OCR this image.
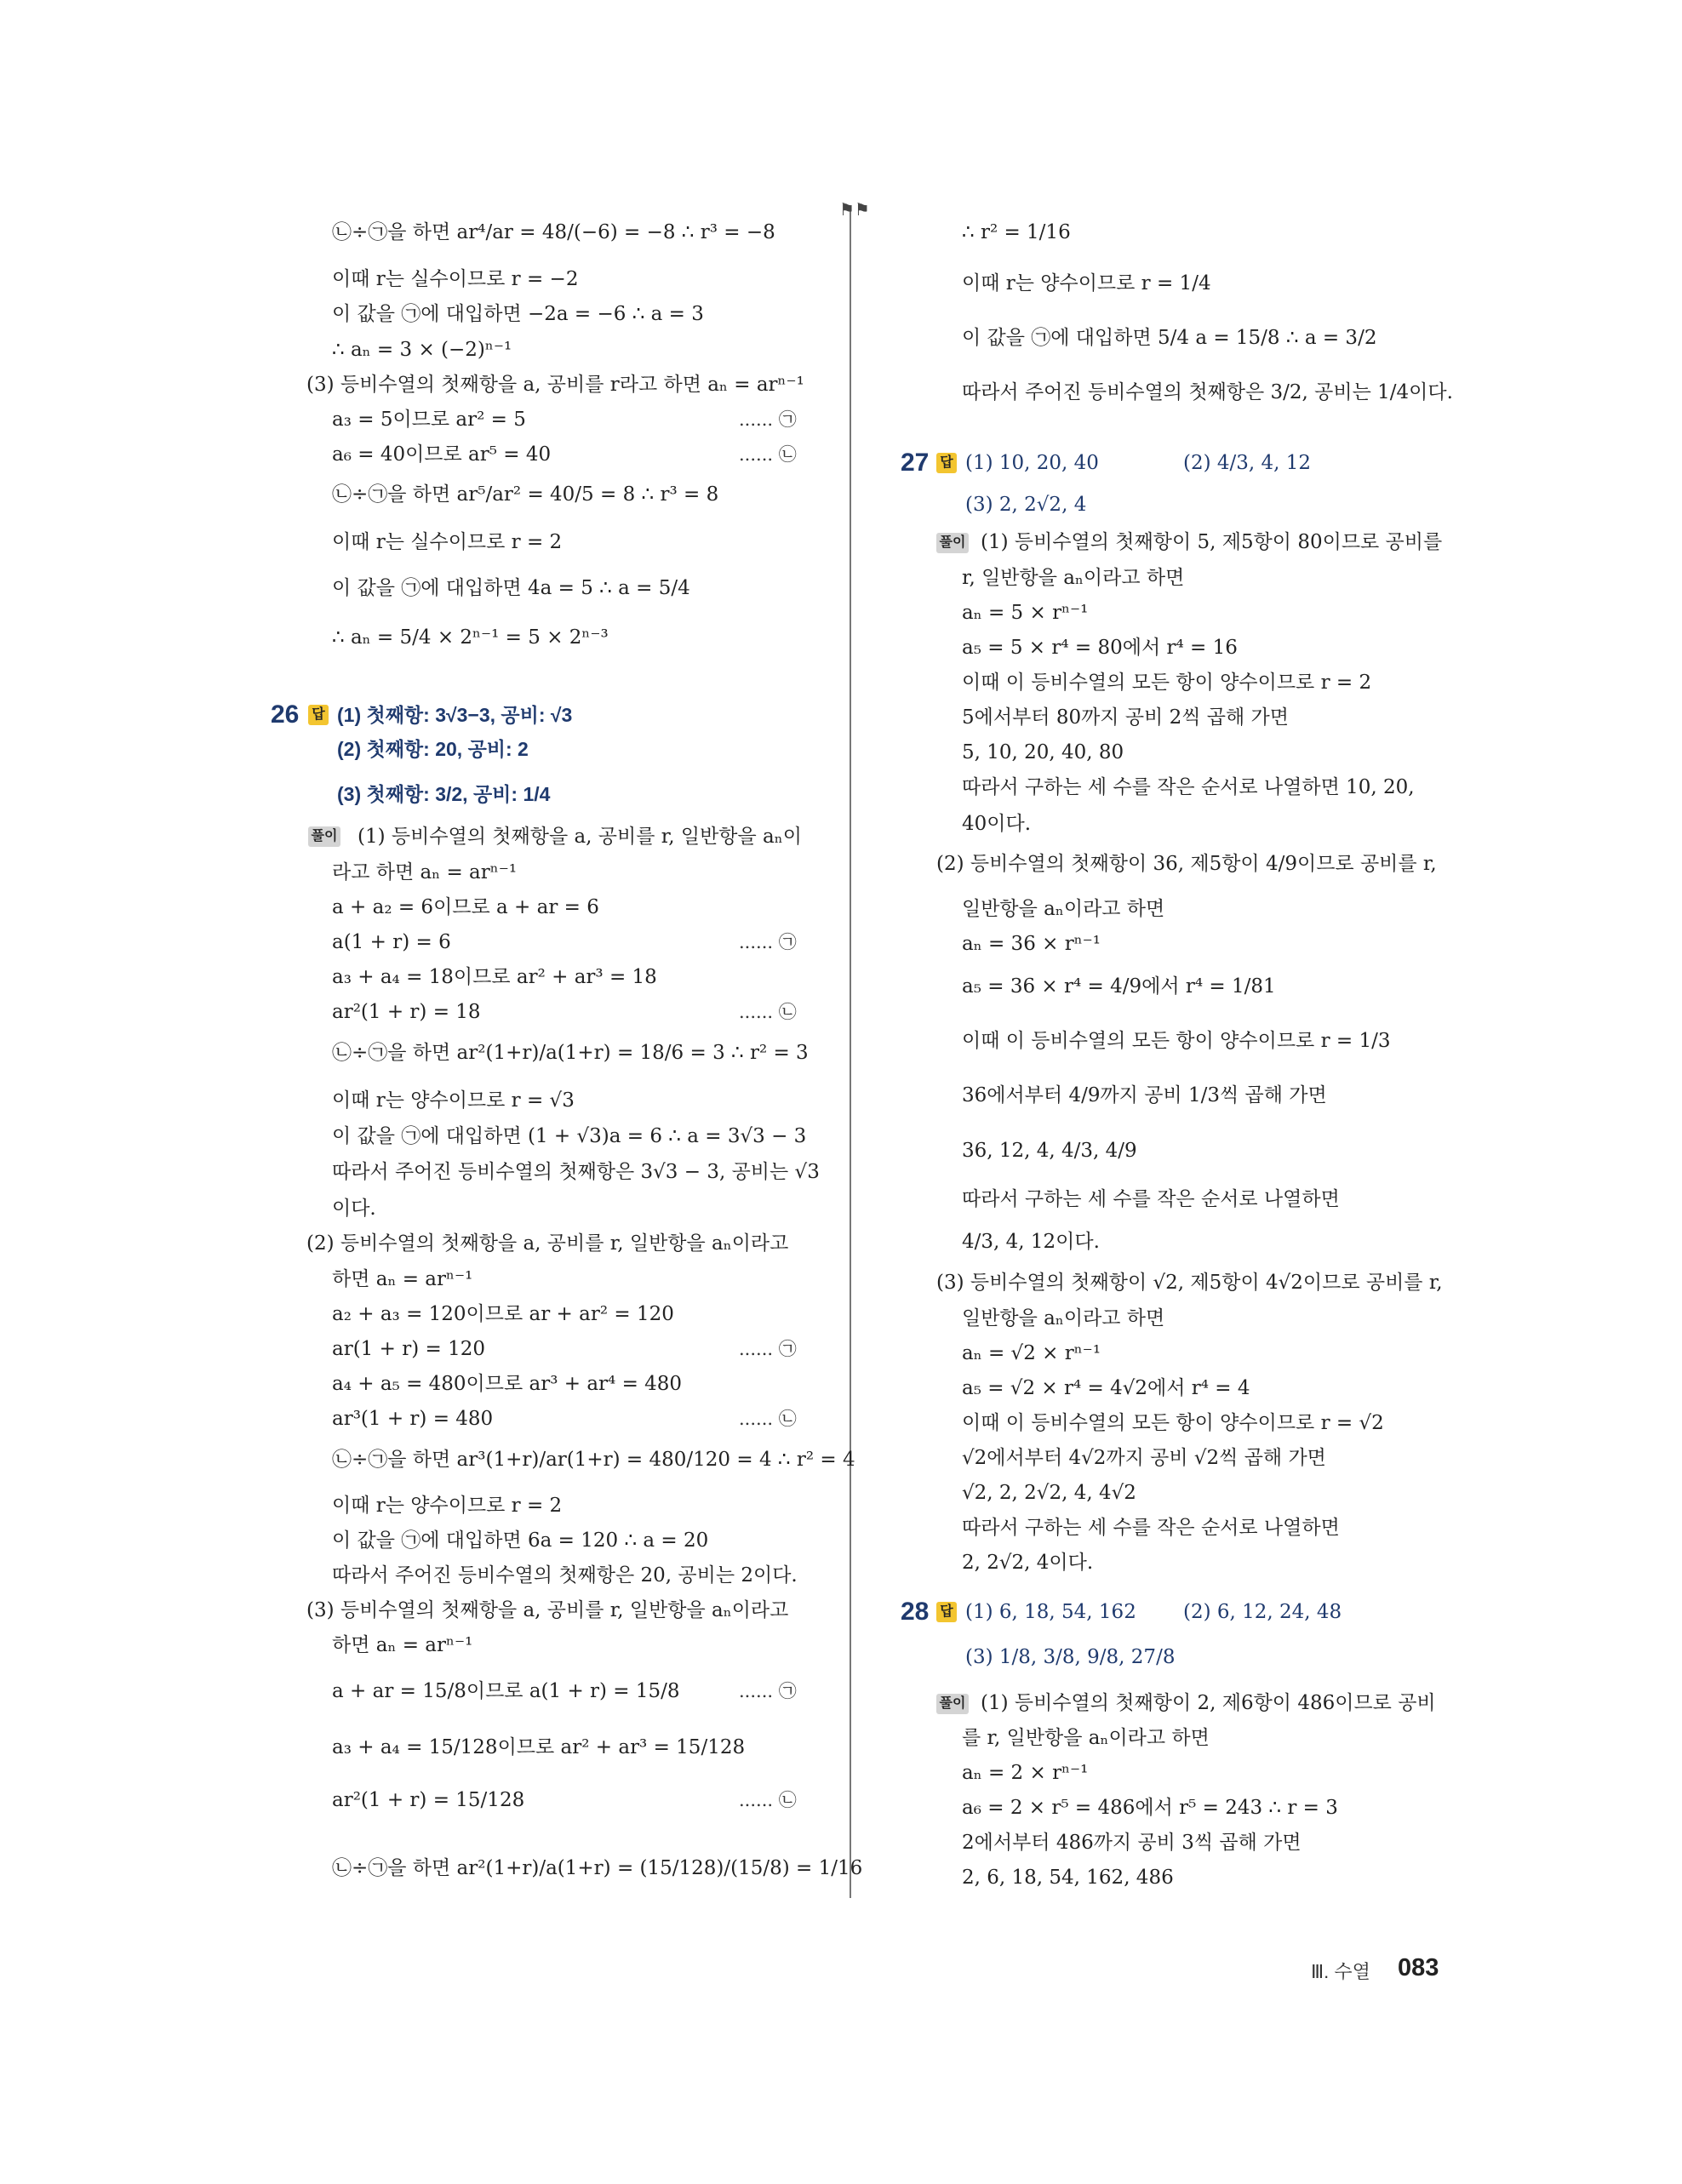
⚑⚑
㉡÷㉠을 하면 ar⁴/ar = 48/(−6) = −8 ∴ r³ = −8
이때 r는 실수이므로 r = −2
이 값을 ㉠에 대입하면 −2a = −6 ∴ a = 3
∴ aₙ = 3 × (−2)ⁿ⁻¹
(3) 등비수열의 첫째항을 a, 공비를 r라고 하면 aₙ = arⁿ⁻¹
a₃ = 5이므로 ar² = 5	...... ㉠
a₆ = 40이므로 ar⁵ = 40	...... ㉡
㉡÷㉠을 하면 ar⁵/ar² = 40/5 = 8 ∴ r³ = 8
이때 r는 실수이므로 r = 2
이 값을 ㉠에 대입하면 4a = 5 ∴ a = 5/4
∴ aₙ = 5/4 × 2ⁿ⁻¹ = 5 × 2ⁿ⁻³
26 답 (1) 첫째항: 3√3−3, 공비: √3
(2) 첫째항: 20, 공비: 2
(3) 첫째항: 3/2, 공비: 1/4
풀이 (1) 등비수열의 첫째항을 a, 공비를 r, 일반항을 aₙ이
라고 하면 aₙ = arⁿ⁻¹
a + a₂ = 6이므로 a + ar = 6
a(1 + r) = 6	...... ㉠
a₃ + a₄ = 18이므로 ar² + ar³ = 18
ar²(1 + r) = 18	...... ㉡
㉡÷㉠을 하면 ar²(1+r)/a(1+r) = 18/6 = 3 ∴ r² = 3
이때 r는 양수이므로 r = √3
이 값을 ㉠에 대입하면 (1 + √3)a = 6 ∴ a = 3√3 − 3
따라서 주어진 등비수열의 첫째항은 3√3 − 3, 공비는 √3
이다.
(2) 등비수열의 첫째항을 a, 공비를 r, 일반항을 aₙ이라고
하면 aₙ = arⁿ⁻¹
a₂ + a₃ = 120이므로 ar + ar² = 120
ar(1 + r) = 120	...... ㉠
a₄ + a₅ = 480이므로 ar³ + ar⁴ = 480
ar³(1 + r) = 480	...... ㉡
㉡÷㉠을 하면 ar³(1+r)/ar(1+r) = 480/120 = 4 ∴ r² = 4
이때 r는 양수이므로 r = 2
이 값을 ㉠에 대입하면 6a = 120 ∴ a = 20
따라서 주어진 등비수열의 첫째항은 20, 공비는 2이다.
(3) 등비수열의 첫째항을 a, 공비를 r, 일반항을 aₙ이라고
하면 aₙ = arⁿ⁻¹
a + ar = 15/8이므로 a(1 + r) = 15/8	...... ㉠
a₃ + a₄ = 15/128이므로 ar² + ar³ = 15/128
ar²(1 + r) = 15/128	...... ㉡
㉡÷㉠을 하면 ar²(1+r)/a(1+r) = (15/128)/(15/8) = 1/16
∴ r² = 1/16
이때 r는 양수이므로 r = 1/4
이 값을 ㉠에 대입하면 5/4 a = 15/8 ∴ a = 3/2
따라서 주어진 등비수열의 첫째항은 3/2, 공비는 1/4이다.
27 답 (1) 10, 20, 40	(2) 4/3, 4, 12
(3) 2, 2√2, 4
풀이 (1) 등비수열의 첫째항이 5, 제5항이 80이므로 공비를
r, 일반항을 aₙ이라고 하면
aₙ = 5 × rⁿ⁻¹
a₅ = 5 × r⁴ = 80에서 r⁴ = 16
이때 이 등비수열의 모든 항이 양수이므로 r = 2
5에서부터 80까지 공비 2씩 곱해 가면
5, 10, 20, 40, 80
따라서 구하는 세 수를 작은 순서로 나열하면 10, 20,
40이다.
(2) 등비수열의 첫째항이 36, 제5항이 4/9이므로 공비를 r,
일반항을 aₙ이라고 하면
aₙ = 36 × rⁿ⁻¹
a₅ = 36 × r⁴ = 4/9에서 r⁴ = 1/81
이때 이 등비수열의 모든 항이 양수이므로 r = 1/3
36에서부터 4/9까지 공비 1/3씩 곱해 가면
36, 12, 4, 4/3, 4/9
따라서 구하는 세 수를 작은 순서로 나열하면
4/3, 4, 12이다.
(3) 등비수열의 첫째항이 √2, 제5항이 4√2이므로 공비를 r,
일반항을 aₙ이라고 하면
aₙ = √2 × rⁿ⁻¹
a₅ = √2 × r⁴ = 4√2에서 r⁴ = 4
이때 이 등비수열의 모든 항이 양수이므로 r = √2
√2에서부터 4√2까지 공비 √2씩 곱해 가면
√2, 2, 2√2, 4, 4√2
따라서 구하는 세 수를 작은 순서로 나열하면
2, 2√2, 4이다.
28 답 (1) 6, 18, 54, 162 (2) 6, 12, 24, 48
(3) 1/8, 3/8, 9/8, 27/8
풀이 (1) 등비수열의 첫째항이 2, 제6항이 486이므로 공비
를 r, 일반항을 aₙ이라고 하면
aₙ = 2 × rⁿ⁻¹
a₆ = 2 × r⁵ = 486에서 r⁵ = 243 ∴ r = 3
2에서부터 486까지 공비 3씩 곱해 가면
2, 6, 18, 54, 162, 486
Ⅲ. 수열 083
